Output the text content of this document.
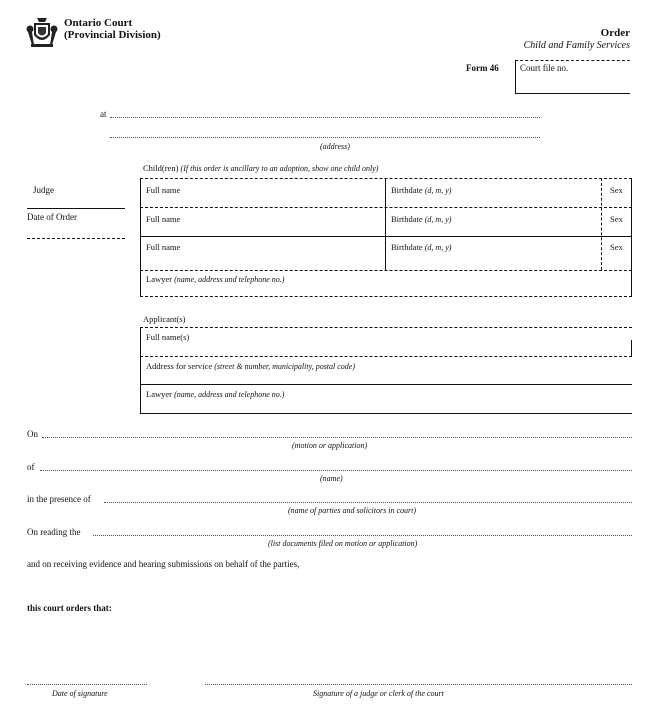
Ontario Court
(Provincial Division)	Order
Child and Family Services
Form 46 Court file no.
at
(address)
Judge
Date of Order
Child(ren) (If this order is ancillary to an adoption, show one child only)
Full name	Birthdate (d, m, y)	Sex
Full name	Birthdate (d, m, y)	Sex
Full name	Birthdate (d, m, y)	Sex
Lawyer (name, address and telephone no.)
Applicant(s)
Full name(s)
Address for service (street & number, municipality, postal code)
Lawyer (name, address and telephone no.)
On
(motion or application)
of
(name)
in the presence of
(name of parties and solicitors in court)
On reading the
(list documents filed on motion or application)
and on receiving evidence and hearing submissions on behalf of the parties,
this court orders that:
Date of signature	Signature of a judge or clerk of the court
